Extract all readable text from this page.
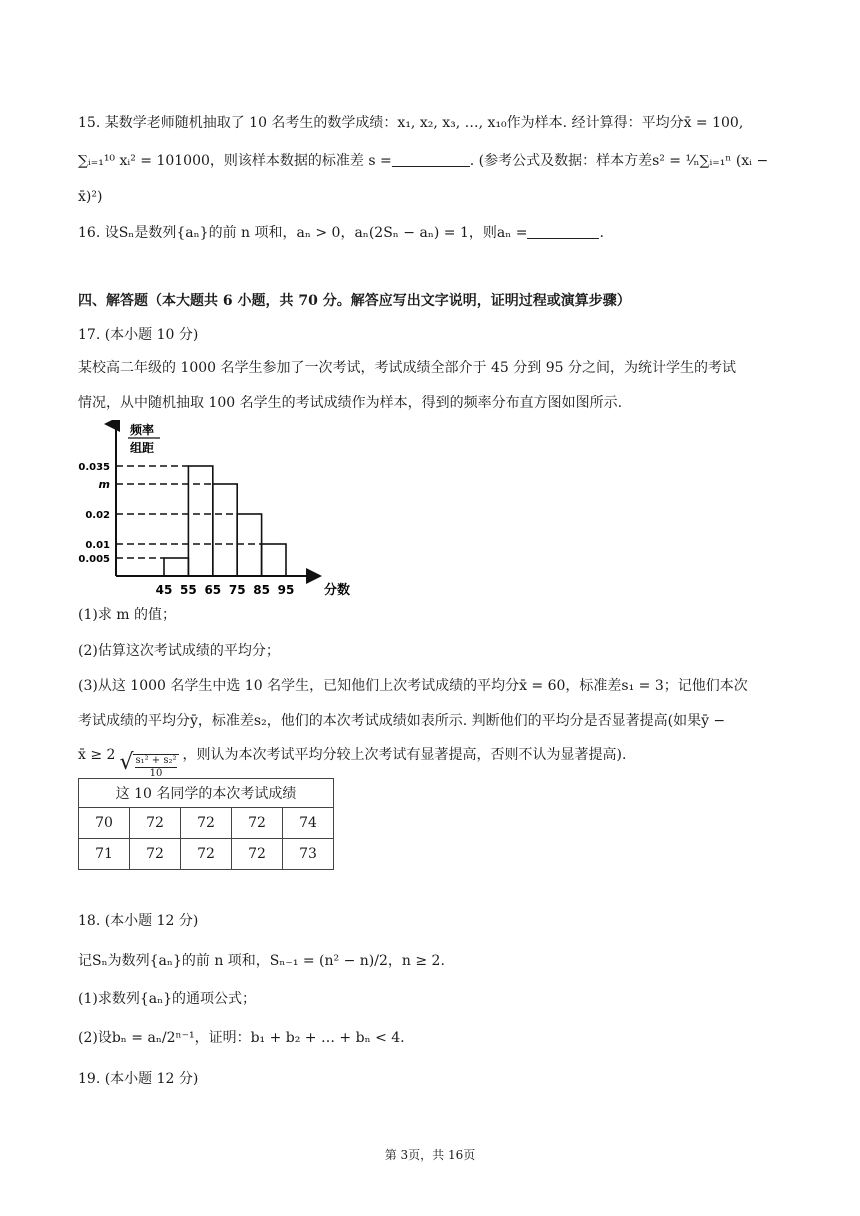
15. 某数学老师随机抽取了 10 名考生的数学成绩：x₁, x₂, x₃, …, x₁₀作为样本. 经计算得：平均分x̄ = 100,
∑ᵢ₌₁¹⁰ xᵢ² = 101000，则该样本数据的标准差 s =	. (参考公式及数据：样本方差s² = ¹⁄ₙ∑ᵢ₌₁ⁿ (xᵢ −
x̄)²)
16. 设Sₙ是数列{aₙ}的前 n 项和，aₙ > 0，aₙ(2Sₙ − aₙ) = 1，则aₙ =	.
四、解答题（本大题共 6 小题，共 70 分。解答应写出文字说明，证明过程或演算步骤）
17. (本小题 10 分)
某校高二年级的 1000 名学生参加了一次考试，考试成绩全部介于 45 分到 95 分之间，为统计学生的考试
情况，从中随机抽取 100 名学生的考试成绩作为样本，得到的频率分布直方图如图所示.
频率
组距
0.035
m
0.02
0.01
0.005
45 55 65 75 85 95 分数
(1)求 m 的值；
(2)估算这次考试成绩的平均分；
(3)从这 1000 名学生中选 10 名学生，已知他们上次考试成绩的平均分x̄ = 60，标准差s₁ = 3；记他们本次
考试成绩的平均分ȳ，标准差s₂，他们的本次考试成绩如表所示. 判断他们的平均分是否显著提高(如果ȳ −
x̄ ≥ 2 √ $\frac{\text{s₁² + s₂²}}{10}$ ，则认为本次考试平均分较上次考试有显著提高，否则不认为显著提高).
这 10 名同学的本次考试成绩				
70	72	72	72	74
71	72	72	72	73
18. (本小题 12 分)
记Sₙ为数列{aₙ}的前 n 项和，Sₙ₋₁ = (n² − n)/2，n ≥ 2.
(1)求数列{aₙ}的通项公式；
(2)设bₙ = aₙ/2ⁿ⁻¹，证明：b₁ + b₂ + … + bₙ < 4.
19. (本小题 12 分)
第 3页，共 16页
